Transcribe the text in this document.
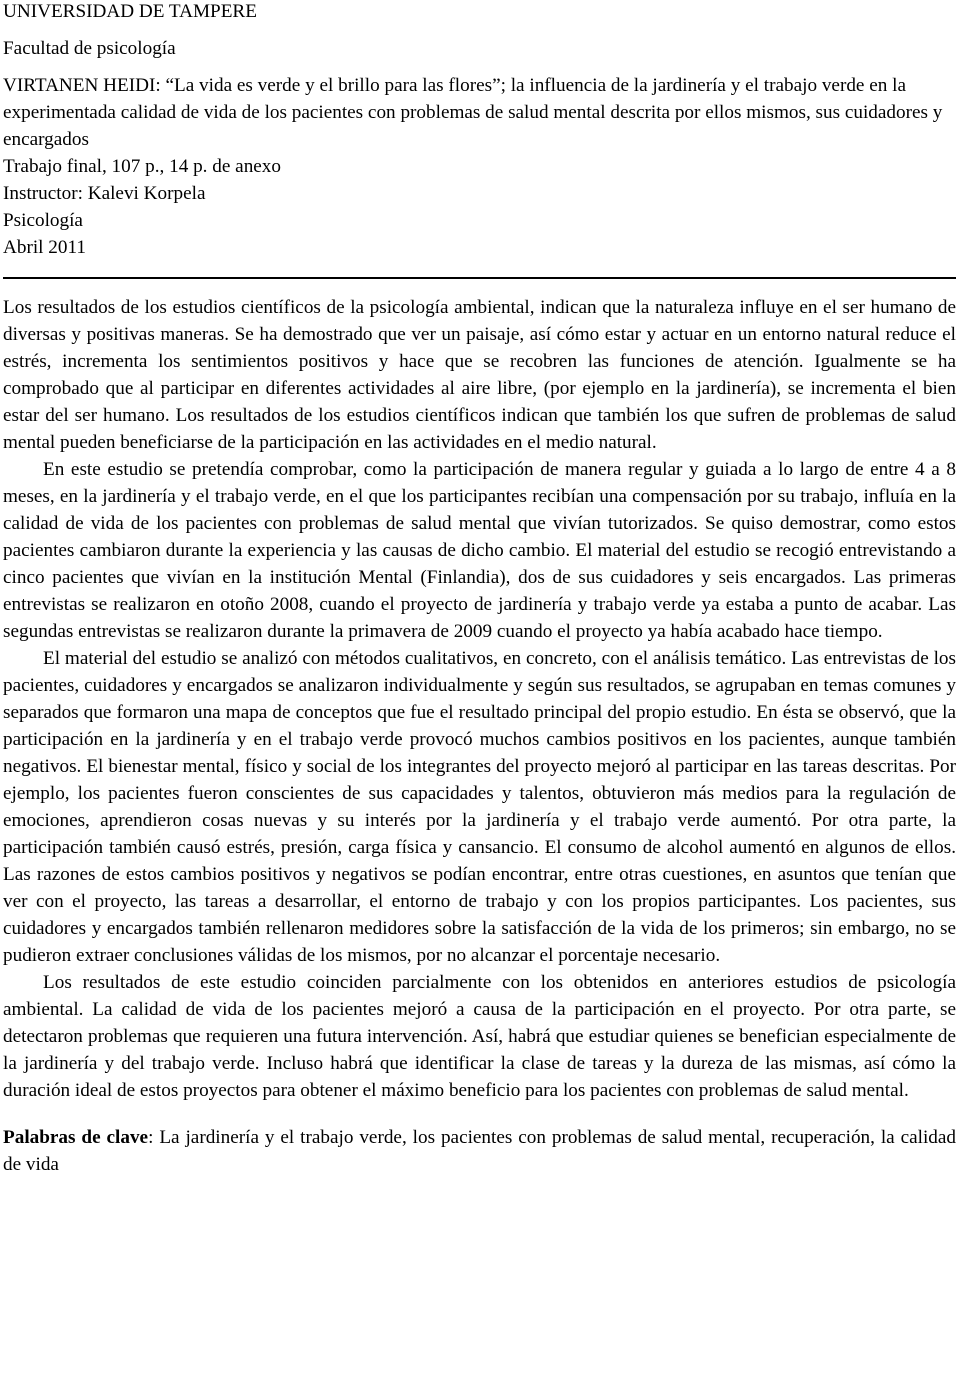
UNIVERSIDAD DE TAMPERE

Facultad de psicología

VIRTANEN HEIDI: “La vida es verde y el brillo para las flores”; la influencia de la jardinería y el trabajo verde en la experimentada calidad de vida de los pacientes con problemas de salud mental descrita por ellos mismos, sus cuidadores y encargados

Trabajo final, 107 p., 14 p. de anexo

Instructor: Kalevi Korpela

Psicología

Abril 2011

Los resultados de los estudios científicos de la psicología ambiental, indican que la naturaleza influye en el ser humano de diversas y positivas maneras. Se ha demostrado que ver un paisaje, así cómo estar y actuar en un entorno natural reduce el estrés, incrementa los sentimientos positivos y hace que se recobren las funciones de atención. Igualmente se ha comprobado que al participar en diferentes actividades al aire libre, (por ejemplo en la jardinería), se incrementa el bien estar del ser humano. Los resultados de los estudios científicos indican que también los que sufren de problemas de salud mental pueden beneficiarse de la participación en las actividades en el medio natural.

En este estudio se pretendía comprobar, como la participación de manera regular y guiada a lo largo de entre 4 a 8 meses, en la jardinería y el trabajo verde, en el que los participantes recibían una compensación por su trabajo, influía en la calidad de vida de los pacientes con problemas de salud mental que vivían tutorizados. Se quiso demostrar, como estos pacientes cambiaron durante la experiencia y las causas de dicho cambio. El material del estudio se recogió entrevistando a cinco pacientes que vivían en la institución Mental (Finlandia), dos de sus cuidadores y seis encargados. Las primeras entrevistas se realizaron en otoño 2008, cuando el proyecto de jardinería y trabajo verde ya estaba a punto de acabar. Las segundas entrevistas se realizaron durante la primavera de 2009 cuando el proyecto ya había acabado hace tiempo.

El material del estudio se analizó con métodos cualitativos, en concreto, con el análisis temático. Las entrevistas de los pacientes, cuidadores y encargados se analizaron individualmente y según sus resultados, se agrupaban en temas comunes y separados que formaron una mapa de conceptos que fue el resultado principal del propio estudio. En ésta se observó, que la participación en la jardinería y en el trabajo verde provocó muchos cambios positivos en los pacientes, aunque también negativos. El bienestar mental, físico y social de los integrantes del proyecto mejoró al participar en las tareas descritas. Por ejemplo, los pacientes fueron conscientes de sus capacidades y talentos, obtuvieron más medios para la regulación de emociones, aprendieron cosas nuevas y su interés por la jardinería y el trabajo verde aumentó. Por otra parte, la participación también causó estrés, presión, carga física y cansancio. El consumo de alcohol aumentó en algunos de ellos. Las razones de estos cambios positivos y negativos se podían encontrar, entre otras cuestiones, en asuntos que tenían que ver con el proyecto, las tareas a desarrollar, el entorno de trabajo y con los propios participantes. Los pacientes, sus cuidadores y encargados también rellenaron medidores sobre la satisfacción de la vida de los primeros; sin embargo, no se pudieron extraer conclusiones válidas de los mismos, por no alcanzar el porcentaje necesario.

Los resultados de este estudio coinciden parcialmente con los obtenidos en anteriores estudios de psicología ambiental. La calidad de vida de los pacientes mejoró a causa de la participación en el proyecto. Por otra parte, se detectaron problemas que requieren una futura intervención. Así, habrá que estudiar quienes se benefician especialmente de la jardinería y del trabajo verde. Incluso habrá que identificar la clase de tareas y la dureza de las mismas, así cómo la duración ideal de estos proyectos para obtener el máximo beneficio para los pacientes con problemas de salud mental.

Palabras de clave: La jardinería y el trabajo verde, los pacientes con problemas de salud mental, recuperación, la calidad de vida
